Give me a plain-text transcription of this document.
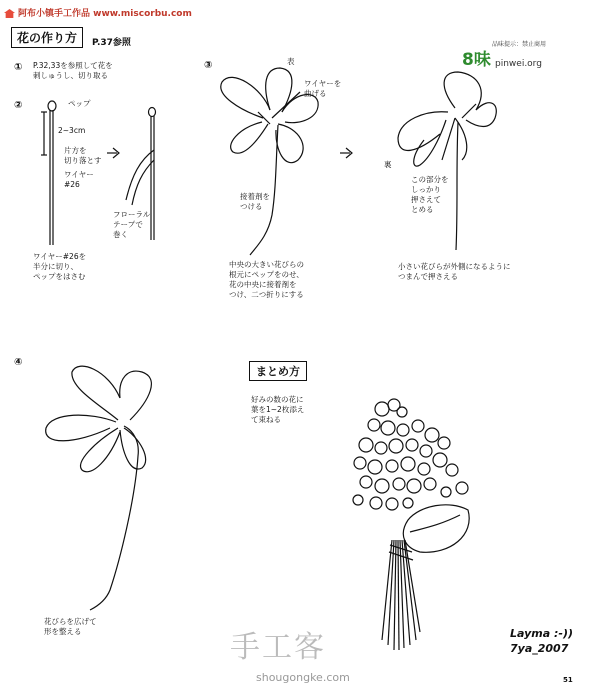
阿布小镇手工作品 www.miscorbu.com
花の作り方	P.37参照	品味提示：禁止商用
8味 pinwei.org
① P.32,33を参照して花を
刺しゅうし、切り取る
②	ペップ
2~3cm
片方を
切り落とす
ワイヤー
#26
フローラル
テープで
巻く
ワイヤー#26を
半分に切り、
ペップをはさむ
③	表
ワイヤーを
曲げる
接着剤を
つける
中央の大きい花びらの
根元にペップをのせ、
花の中央に接着剤を
つけ、二つ折りにする
裏
この部分を
しっかり
押さえて
とめる
小さい花びらが外側になるように
つまんで押さえる
④
花びらを広げて
形を整える
まとめ方
好みの数の花に
葉を1~2枚添え
て束ねる
Layma :-))
7ya_2007
手工客
shougongke.com	51
